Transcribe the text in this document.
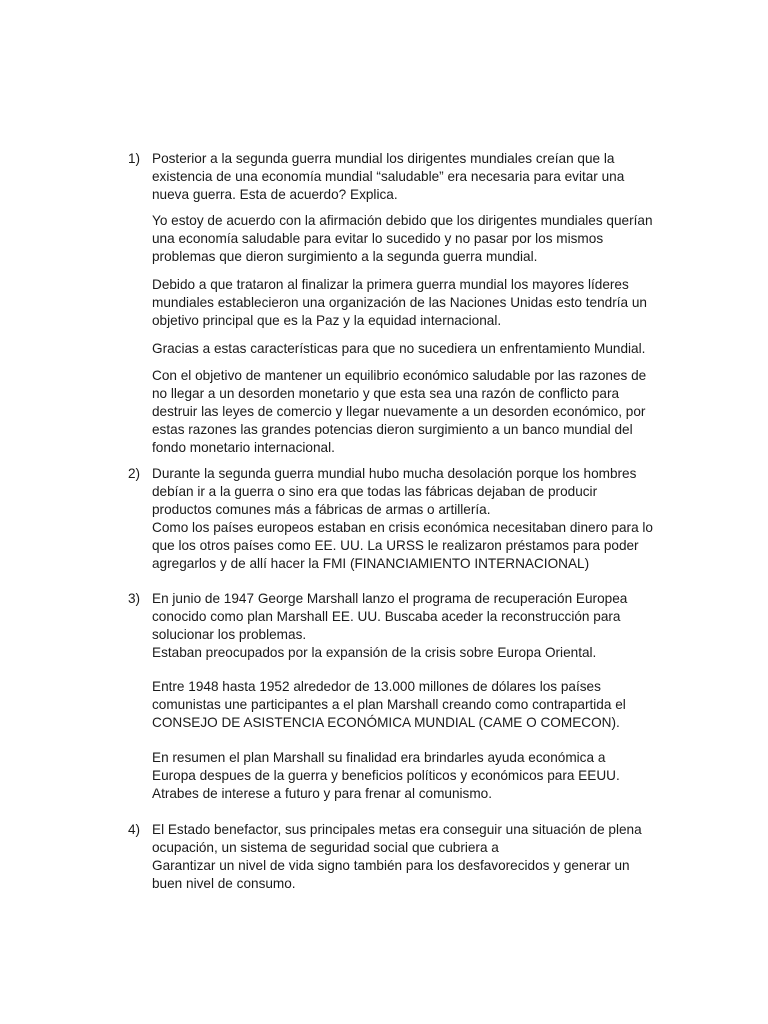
1) Posterior a la segunda guerra mundial los dirigentes mundiales creían que la
existencia de una economía mundial “saludable” era necesaria para evitar una
nueva guerra. Esta de acuerdo? Explica.

Yo estoy de acuerdo con la afirmación debido que los dirigentes mundiales querían
una economía saludable para evitar lo sucedido y no pasar por los mismos
problemas que dieron surgimiento a la segunda guerra mundial.

Debido a que trataron al finalizar la primera guerra mundial los mayores líderes
mundiales establecieron una organización de las Naciones Unidas esto tendría un
objetivo principal que es la Paz y la equidad internacional.

Gracias a estas características para que no sucediera un enfrentamiento Mundial.

Con el objetivo de mantener un equilibrio económico saludable por las razones de
no llegar a un desorden monetario y que esta sea una razón de conflicto para
destruir las leyes de comercio y llegar nuevamente a un desorden económico, por
estas razones las grandes potencias dieron surgimiento a un banco mundial del
fondo monetario internacional.

2) Durante la segunda guerra mundial hubo mucha desolación porque los hombres
debían ir a la guerra o sino era que todas las fábricas dejaban de producir
productos comunes más a fábricas de armas o artillería.
Como los países europeos estaban en crisis económica necesitaban dinero para lo
que los otros países como EE. UU. La URSS le realizaron préstamos para poder
agregarlos y de allí hacer la FMI (FINANCIAMIENTO INTERNACIONAL)

3) En junio de 1947 George Marshall lanzo el programa de recuperación Europea
conocido como plan Marshall EE. UU. Buscaba aceder la reconstrucción para
solucionar los problemas.
Estaban preocupados por la expansión de la crisis sobre Europa Oriental.

Entre 1948 hasta 1952 alrededor de 13.000 millones de dólares los países
comunistas une participantes a el plan Marshall creando como contrapartida el
CONSEJO DE ASISTENCIA ECONÓMICA MUNDIAL (CAME O COMECON).

En resumen el plan Marshall su finalidad era brindarles ayuda económica a
Europa despues de la guerra y beneficios políticos y económicos para EEUU.
Atrabes de interese a futuro y para frenar al comunismo.

4) El Estado benefactor, sus principales metas era conseguir una situación de plena
ocupación, un sistema de seguridad social que cubriera a
Garantizar un nivel de vida signo también para los desfavorecidos y generar un
buen nivel de consumo.
